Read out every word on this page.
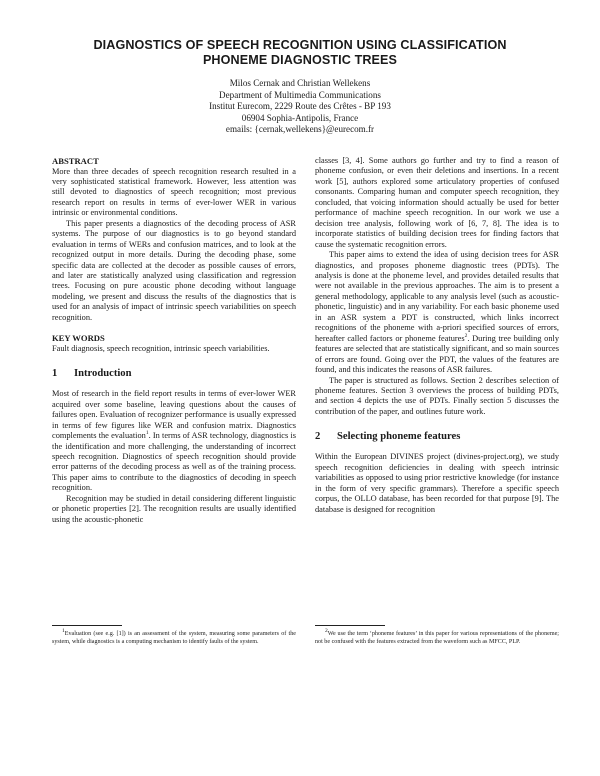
DIAGNOSTICS OF SPEECH RECOGNITION USING CLASSIFICATION
PHONEME DIAGNOSTIC TREES
Milos Cernak and Christian Wellekens
Department of Multimedia Communications
Institut Eurecom, 2229 Route des Crêtes - BP 193
06904 Sophia-Antipolis, France
emails: {cernak,wellekens}@eurecom.fr
ABSTRACT

More than three decades of speech recognition research resulted in a very sophisticated statistical framework. However, less attention was still devoted to diagnostics of speech recognition; most previous research report on results in terms of ever-lower WER in various intrinsic or environmental conditions.

This paper presents a diagnostics of the decoding process of ASR systems. The purpose of our diagnostics is to go beyond standard evaluation in terms of WERs and confusion matrices, and to look at the recognized output in more details. During the decoding phase, some specific data are collected at the decoder as possible causes of errors, and later are statistically analyzed using classification and regression trees. Focusing on pure acoustic phone decoding without language modeling, we present and discuss the results of the diagnostics that is used for an analysis of impact of intrinsic speech variabilities on speech recognition.

KEY WORDS

Fault diagnosis, speech recognition, intrinsic speech variabilities.

1	Introduction

Most of research in the field report results in terms of ever-lower WER acquired over some baseline, leaving questions about the causes of failures open. Evaluation of recognizer performance is usually expressed in terms of few figures like WER and confusion matrix. Diagnostics complements the evaluation$^1$. In terms of ASR technology, diagnostics is the identification and more challenging, the understanding of incorrect speech recognition. Diagnostics of speech recognition should provide error patterns of the decoding process as well as of the training process. This paper aims to contribute to the diagnostics of decoding in speech recognition.

Recognition may be studied in detail considering different linguistic or phonetic properties [2]. The recognition results are usually identified using the acoustic-phonetic

classes [3, 4]. Some authors go further and try to find a reason of phoneme confusion, or even their deletions and insertions. In a recent work [5], authors explored some articulatory properties of confused consonants. Comparing human and computer speech recognition, they concluded, that voicing information should actually be used for better performance of machine speech recognition. In our work we use a decision tree analysis, following work of [6, 7, 8]. The idea is to incorporate statistics of building decision trees for finding factors that cause the systematic recognition errors.

This paper aims to extend the idea of using decision trees for ASR diagnostics, and proposes phoneme diagnostic trees (PDTs). The analysis is done at the phoneme level, and provides detailed results that were not available in the previous approaches. The aim is to present a general methodology, applicable to any analysis level (such as acoustic-phonetic, linguistic) and in any variability. For each basic phoneme used in an ASR system a PDT is constructed, which links incorrect recognitions of the phoneme with a-priori specified sources of errors, hereafter called factors or phoneme features$^2$. During tree building only features are selected that are statistically significant, and so main sources of errors are found. Going over the PDT, the values of the features are found, and this indicates the reasons of ASR failures.

The paper is structured as follows. Section 2 describes selection of phoneme features. Section 3 overviews the process of building PDTs, and section 4 depicts the use of PDTs. Finally section 5 discusses the contribution of the paper, and outlines future work.

2	Selecting phoneme features

Within the European DIVINES project (divines-project.org), we study speech recognition deficiencies in dealing with speech intrinsic variabilities as opposed to using prior restrictive knowledge (for instance in the form of very specific grammars). Therefore a specific speech corpus, the OLLO database, has been recorded for that purpose [9]. The database is designed for recognition

$^1$Evaluation (see e.g. [1]) is an assessment of the system, measuring some parameters of the system, while diagnostics is a computing mechanism to identify faults of the system.

$^2$We use the term ‘phoneme features’ in this paper for various representations of the phoneme; not be confused with the features extracted from the waveform such as MFCC, PLP.
